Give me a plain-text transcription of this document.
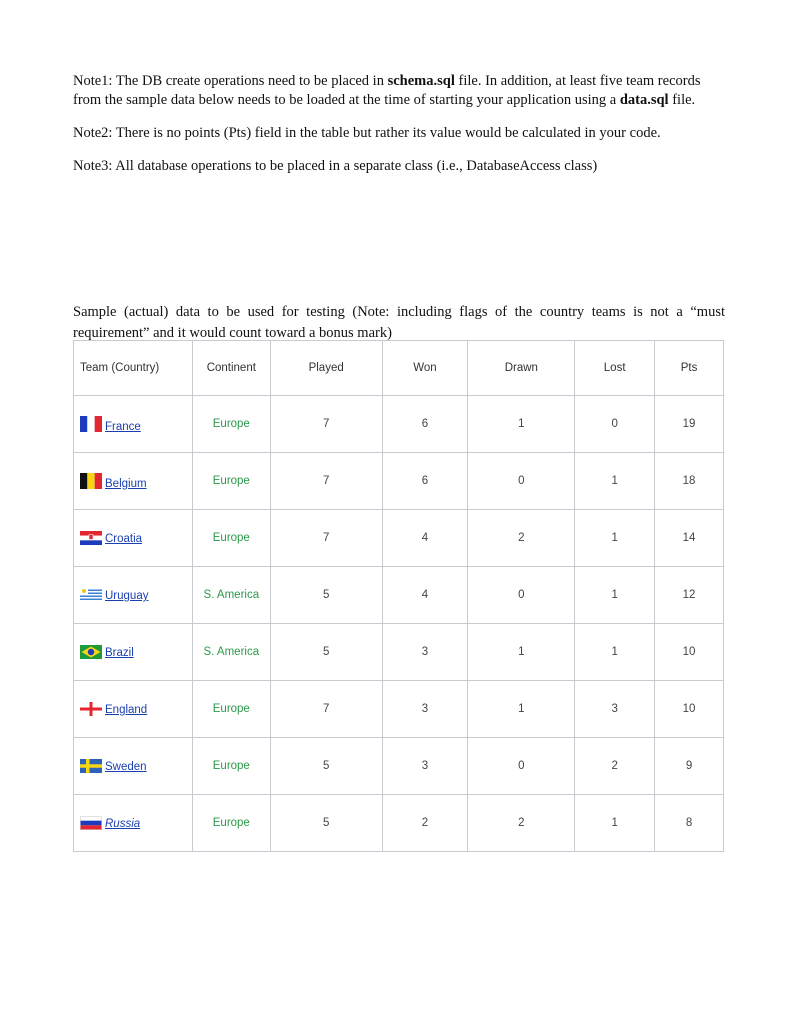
Note1: The DB create operations need to be placed in schema.sql file. In addition, at least five team records from the sample data below needs to be loaded at the time of starting your application using a data.sql file.

Note2: There is no points (Pts) field in the table but rather its value would be calculated in your code.

Note3: All database operations to be placed in a separate class (i.e., DatabaseAccess class)

Sample (actual) data to be used for testing (Note: including flags of the country teams is not a “must requirement” and it would count toward a bonus mark)

Team (Country)	Continent	Played	Won	Drawn	Lost	Pts
France	Europe	7	6	1	0	19
Belgium	Europe	7	6	0	1	18
Croatia	Europe	7	4	2	1	14
Uruguay	S. America	5	4	0	1	12
Brazil	S. America	5	3	1	1	10
England	Europe	7	3	1	3	10
Sweden	Europe	5	3	0	2	9
Russia	Europe	5	2	2	1	8
